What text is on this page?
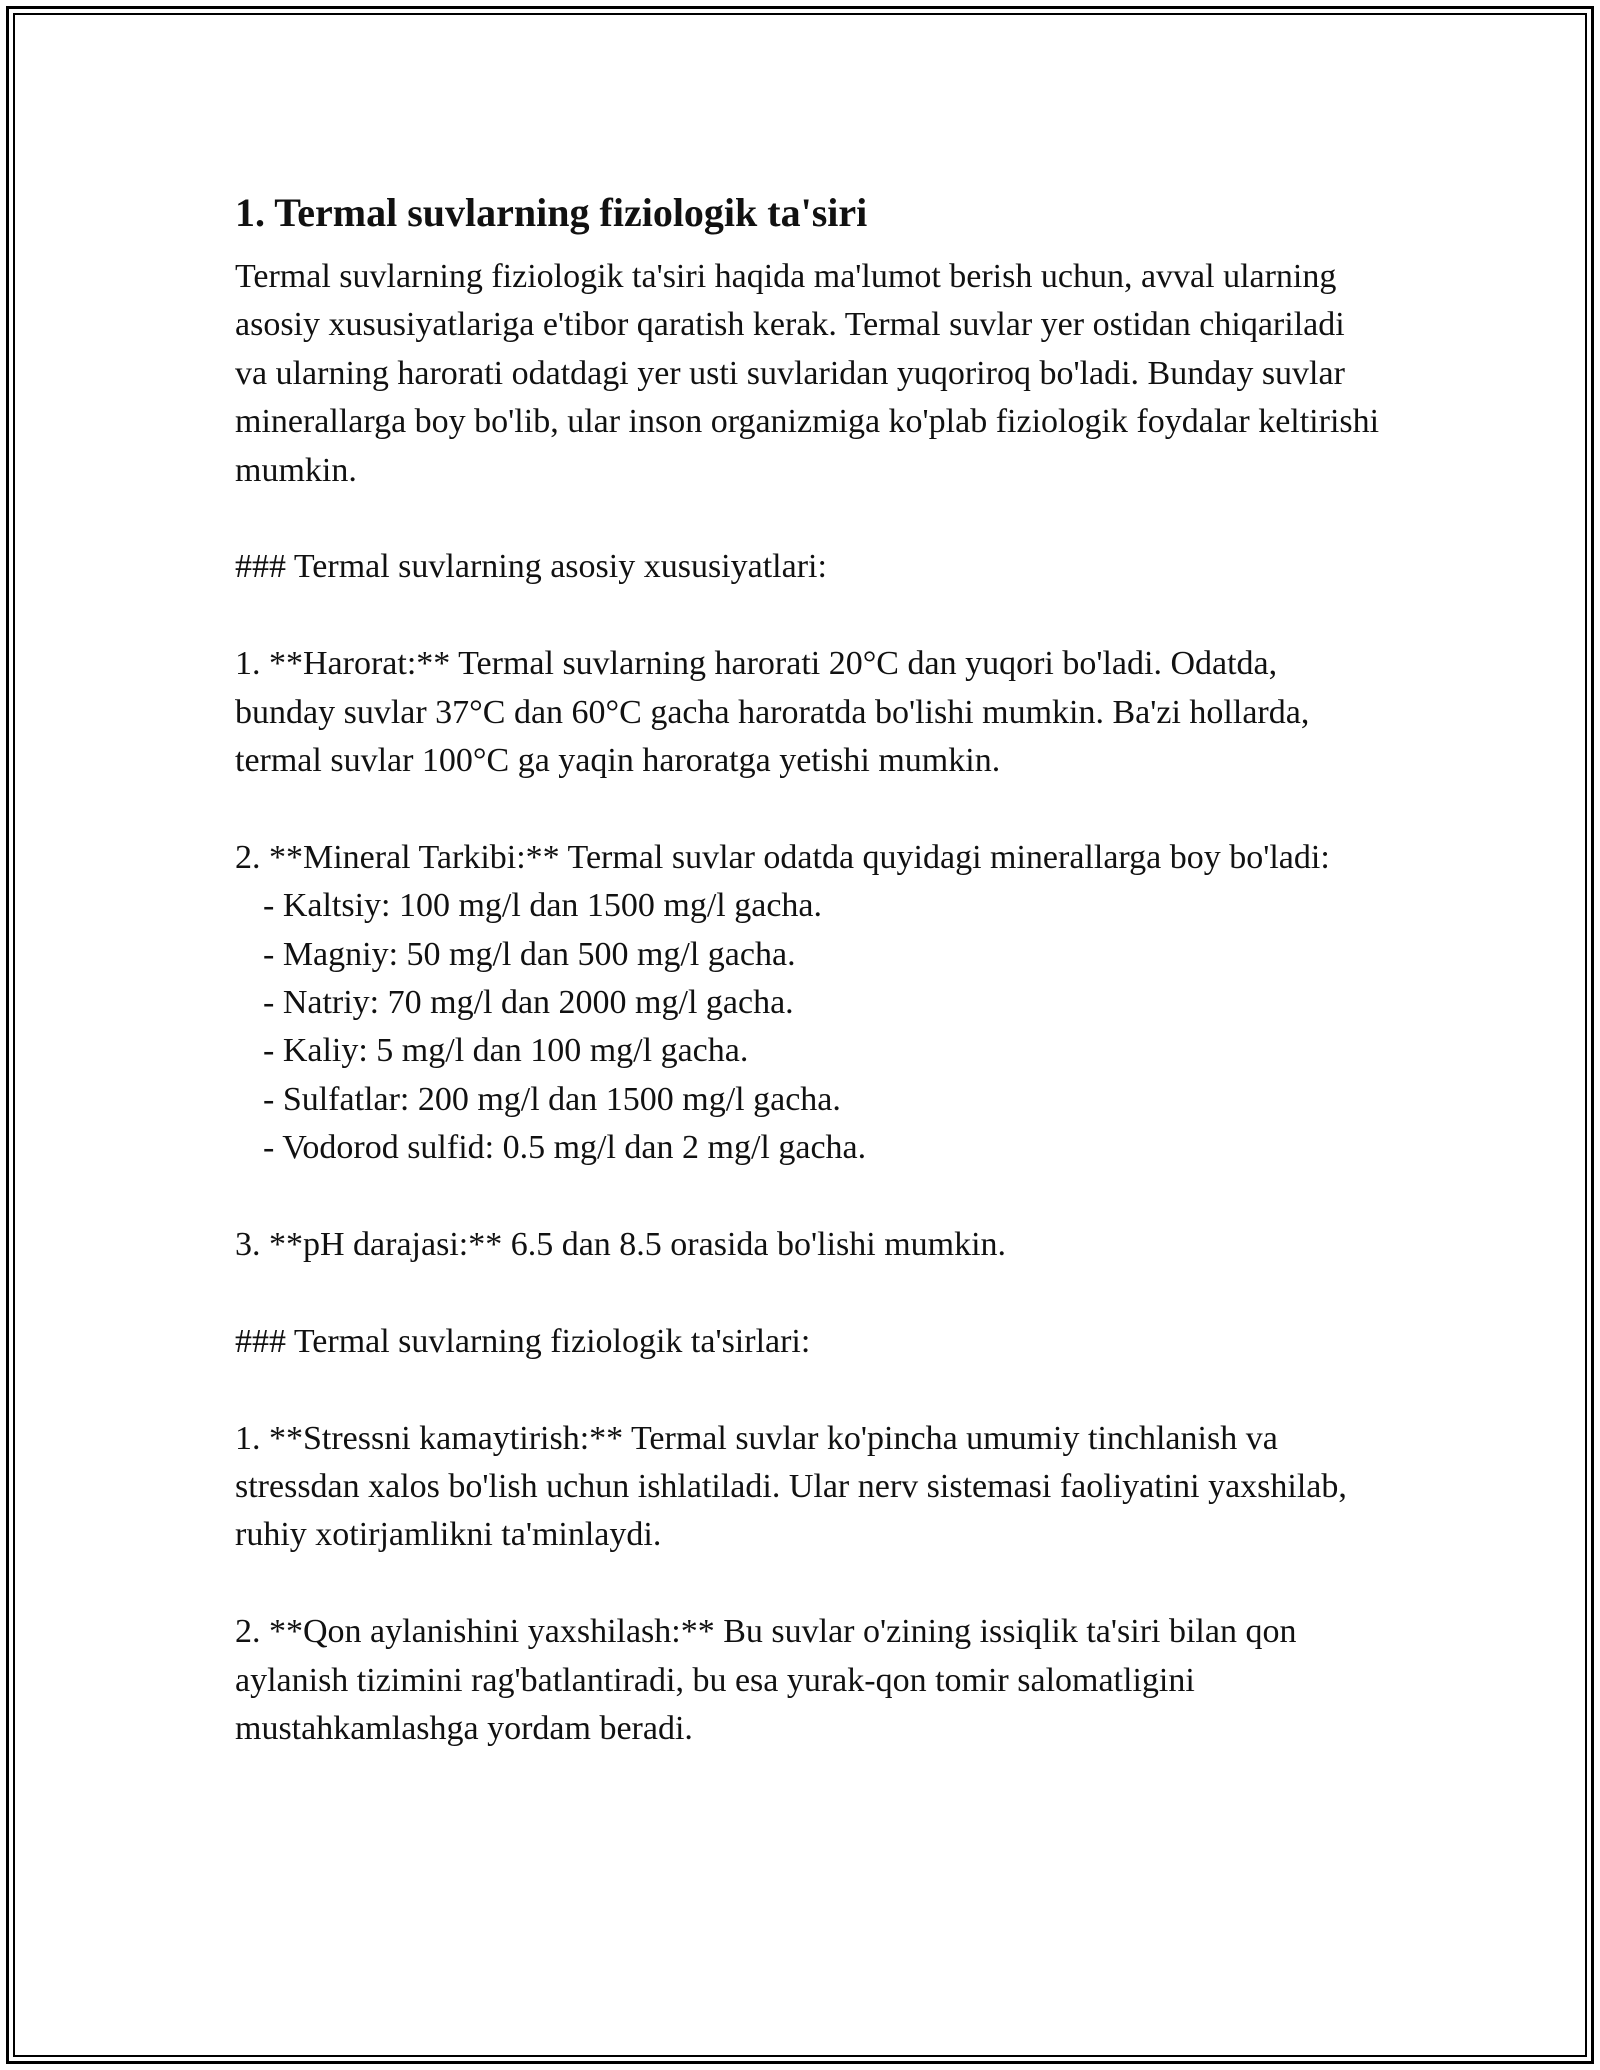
1. Termal suvlarning fiziologik ta'siri

Termal suvlarning fiziologik ta'siri haqida ma'lumot berish uchun, avval ularning asosiy xususiyatlariga e'tibor qaratish kerak. Termal suvlar yer ostidan chiqariladi va ularning harorati odatdagi yer usti suvlaridan yuqoriroq bo'ladi. Bunday suvlar minerallarga boy bo'lib, ular inson organizmiga ko'plab fiziologik foydalar keltirishi mumkin.

### Termal suvlarning asosiy xususiyatlari:

1. **Harorat:** Termal suvlarning harorati 20°C dan yuqori bo'ladi. Odatda, bunday suvlar 37°C dan 60°C gacha haroratda bo'lishi mumkin. Ba'zi hollarda, termal suvlar 100°C ga yaqin haroratga yetishi mumkin.

2. **Mineral Tarkibi:** Termal suvlar odatda quyidagi minerallarga boy bo'ladi:

- Kaltsiy: 100 mg/l dan 1500 mg/l gacha.

- Magniy: 50 mg/l dan 500 mg/l gacha.

- Natriy: 70 mg/l dan 2000 mg/l gacha.

- Kaliy: 5 mg/l dan 100 mg/l gacha.

- Sulfatlar: 200 mg/l dan 1500 mg/l gacha.

- Vodorod sulfid: 0.5 mg/l dan 2 mg/l gacha.

3. **pH darajasi:** 6.5 dan 8.5 orasida bo'lishi mumkin.

### Termal suvlarning fiziologik ta'sirlari:

1. **Stressni kamaytirish:** Termal suvlar ko'pincha umumiy tinchlanish va stressdan xalos bo'lish uchun ishlatiladi. Ular nerv sistemasi faoliyatini yaxshilab, ruhiy xotirjamlikni ta'minlaydi.

2. **Qon aylanishini yaxshilash:** Bu suvlar o'zining issiqlik ta'siri bilan qon aylanish tizimini rag'batlantiradi, bu esa yurak-qon tomir salomatligini mustahkamlashga yordam beradi.
